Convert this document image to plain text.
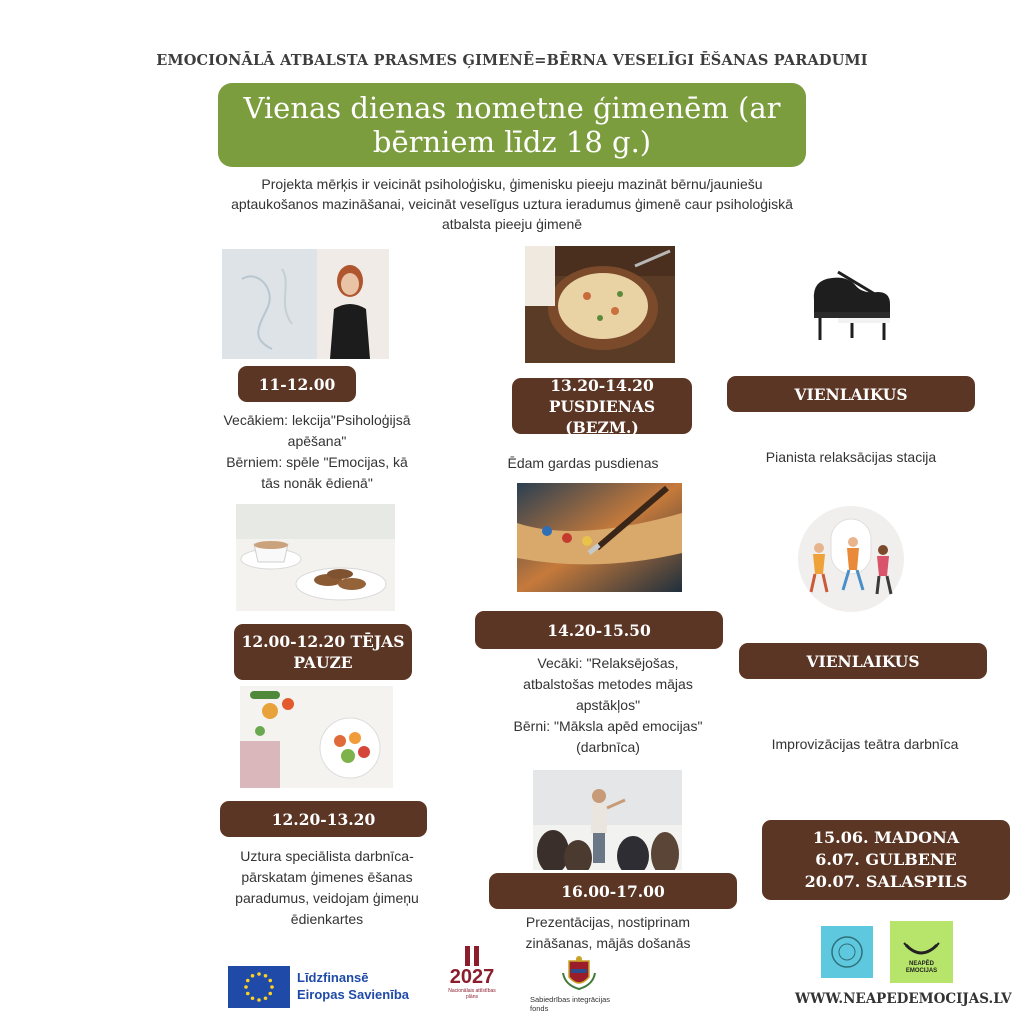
EMOCIONĀLĀ ATBALSTA PRASMES ĢIMENĒ=BĒRNA VESELĪGI ĒŠANAS PARADUMI
Vienas dienas nometne ģimenēm (ar bērniem līdz 18 g.)
Projekta mērķis ir veicināt psiholoģisku, ģimenisku pieeju mazināt bērnu/jauniešu aptaukošanos mazināšanai, veicināt veselīgus uztura ieradumus ģimenē caur psiholoģiskā atbalsta pieeju ģimenē
11-12.00
Vecākiem: lekcija"Psiholoģijsā apēšana"
Bērniem: spēle "Emocijas, kā tās nonāk ēdienā"
12.00-12.20 TĒJAS PAUZE
12.20-13.20
Uztura speciālista darbnīca-pārskatam ģimenes ēšanas paradumus, veidojam ģimeņu ēdienkartes
13.20-14.20 PUSDIENAS (BEZM.)
Ēdam gardas pusdienas
14.20-15.50
Vecāki: "Relaksējošas, atbalstošas metodes mājas apstākļos"
Bērni: "Māksla apēd emocijas" (darbnīca)
16.00-17.00
Prezentācijas, nostiprinam zināšanas, mājās došanās
VIENLAIKUS
Pianista relaksācijas stacija
VIENLAIKUS
Improvizācijas teātra darbnīca
15.06. MADONA
6.07. GULBENE
20.07. SALASPILS
NEAPĒD
EMOCIJAS
WWW.NEAPEDEMOCIJAS.LV
Līdzfinansē
Eiropas Savienība
2027
Nacionālais attīstības plāns	Sabiedrības integrācijas fonds
